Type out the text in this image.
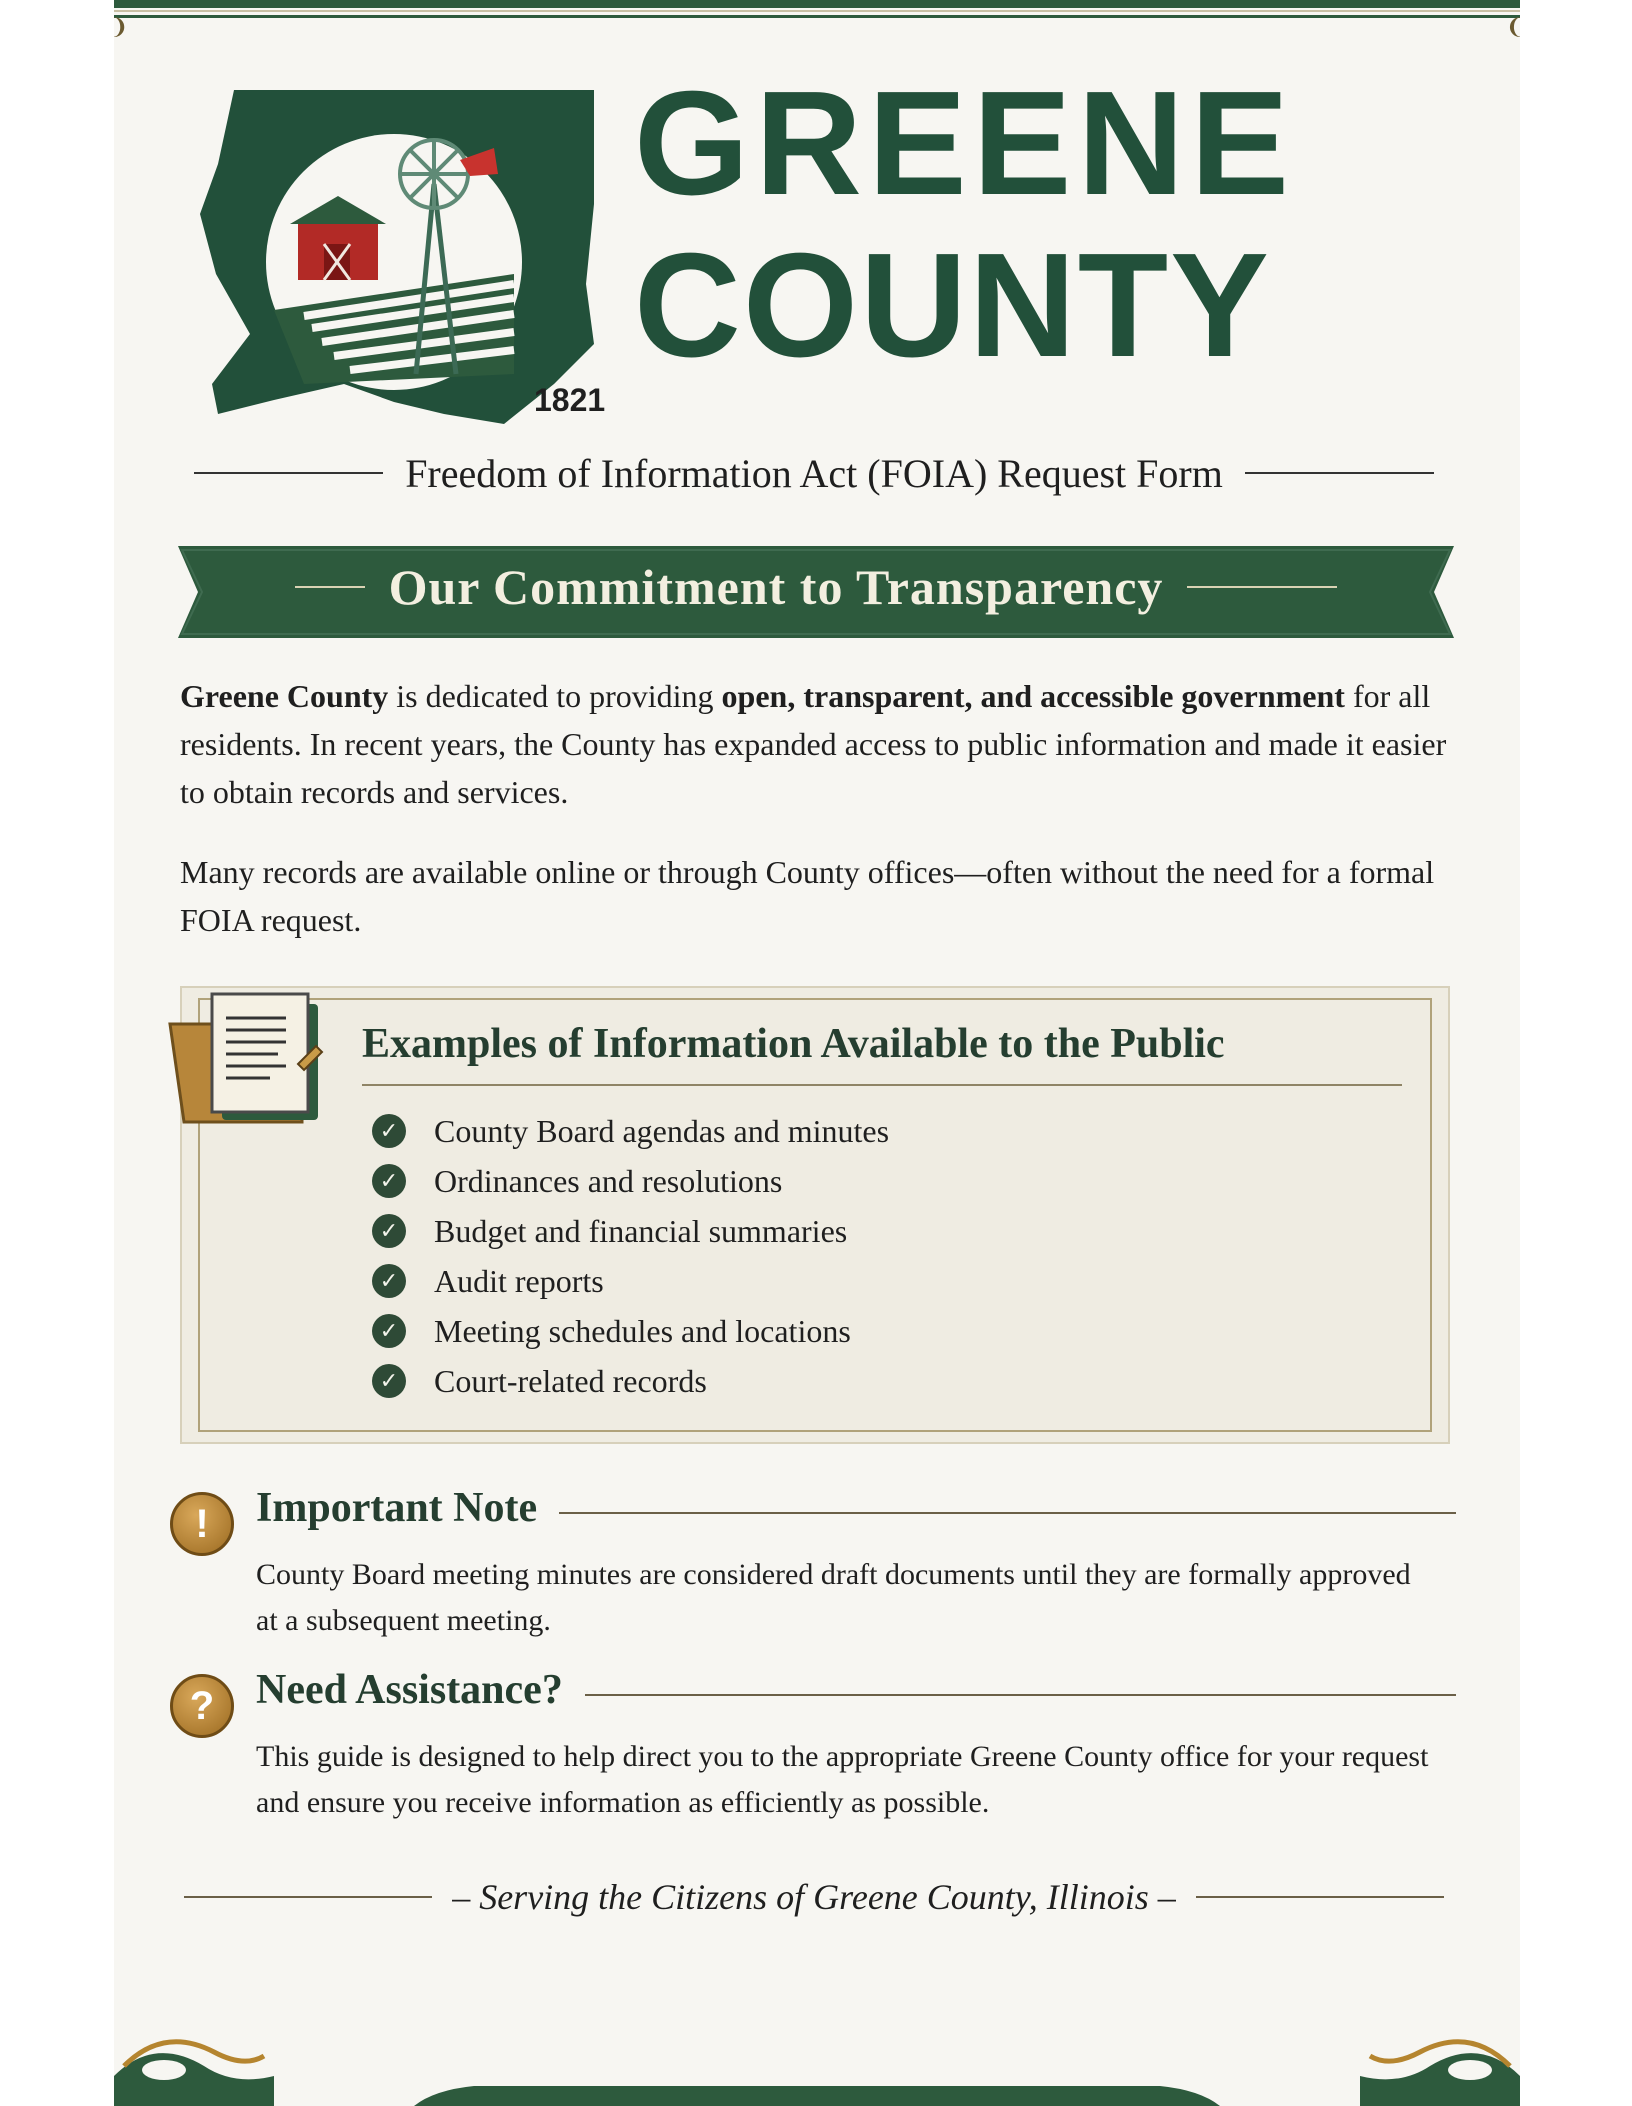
❩	❨
1821
GREENE
COUNTY
Freedom of Information Act (FOIA) Request Form
Our Commitment to Transparency
Greene County is dedicated to providing open, transparent, and accessible government for all residents. In recent years, the County has expanded access to public information and made it easier to obtain records and services.
Many records are available online or through County offices—often without the need for a formal FOIA request.
Examples of Information Available to the Public
✓ County Board agendas and minutes
✓ Ordinances and resolutions
✓ Budget and financial summaries
✓ Audit reports
✓ Meeting schedules and locations
✓ Court-related records
!	Important Note
County Board meeting minutes are considered draft documents until they are formally approved at a subsequent meeting.
? Need Assistance?
This guide is designed to help direct you to the appropriate Greene County office for your request and ensure you receive information as efficiently as possible.
– Serving the Citizens of Greene County, Illinois –
